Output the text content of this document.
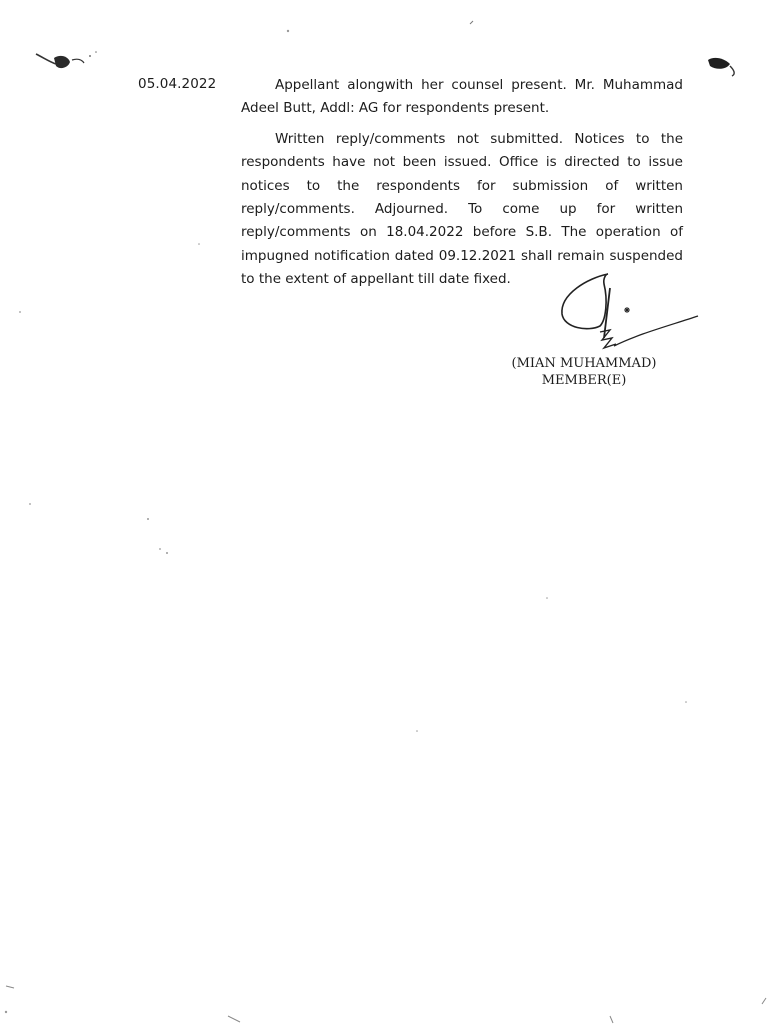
05.04.2022	Appellant alongwith her counsel present. Mr. Muhammad Adeel Butt, Addl: AG for respondents present.

Written reply/comments not submitted. Notices to the respondents have not been issued. Office is directed to issue notices to the respondents for submission of written reply/comments. Adjourned. To come up for written reply/comments on 18.04.2022 before S.B. The operation of impugned notification dated 09.12.2021 shall remain suspended to the extent of appellant till date fixed.

(MIAN MUHAMMAD)
MEMBER(E)
